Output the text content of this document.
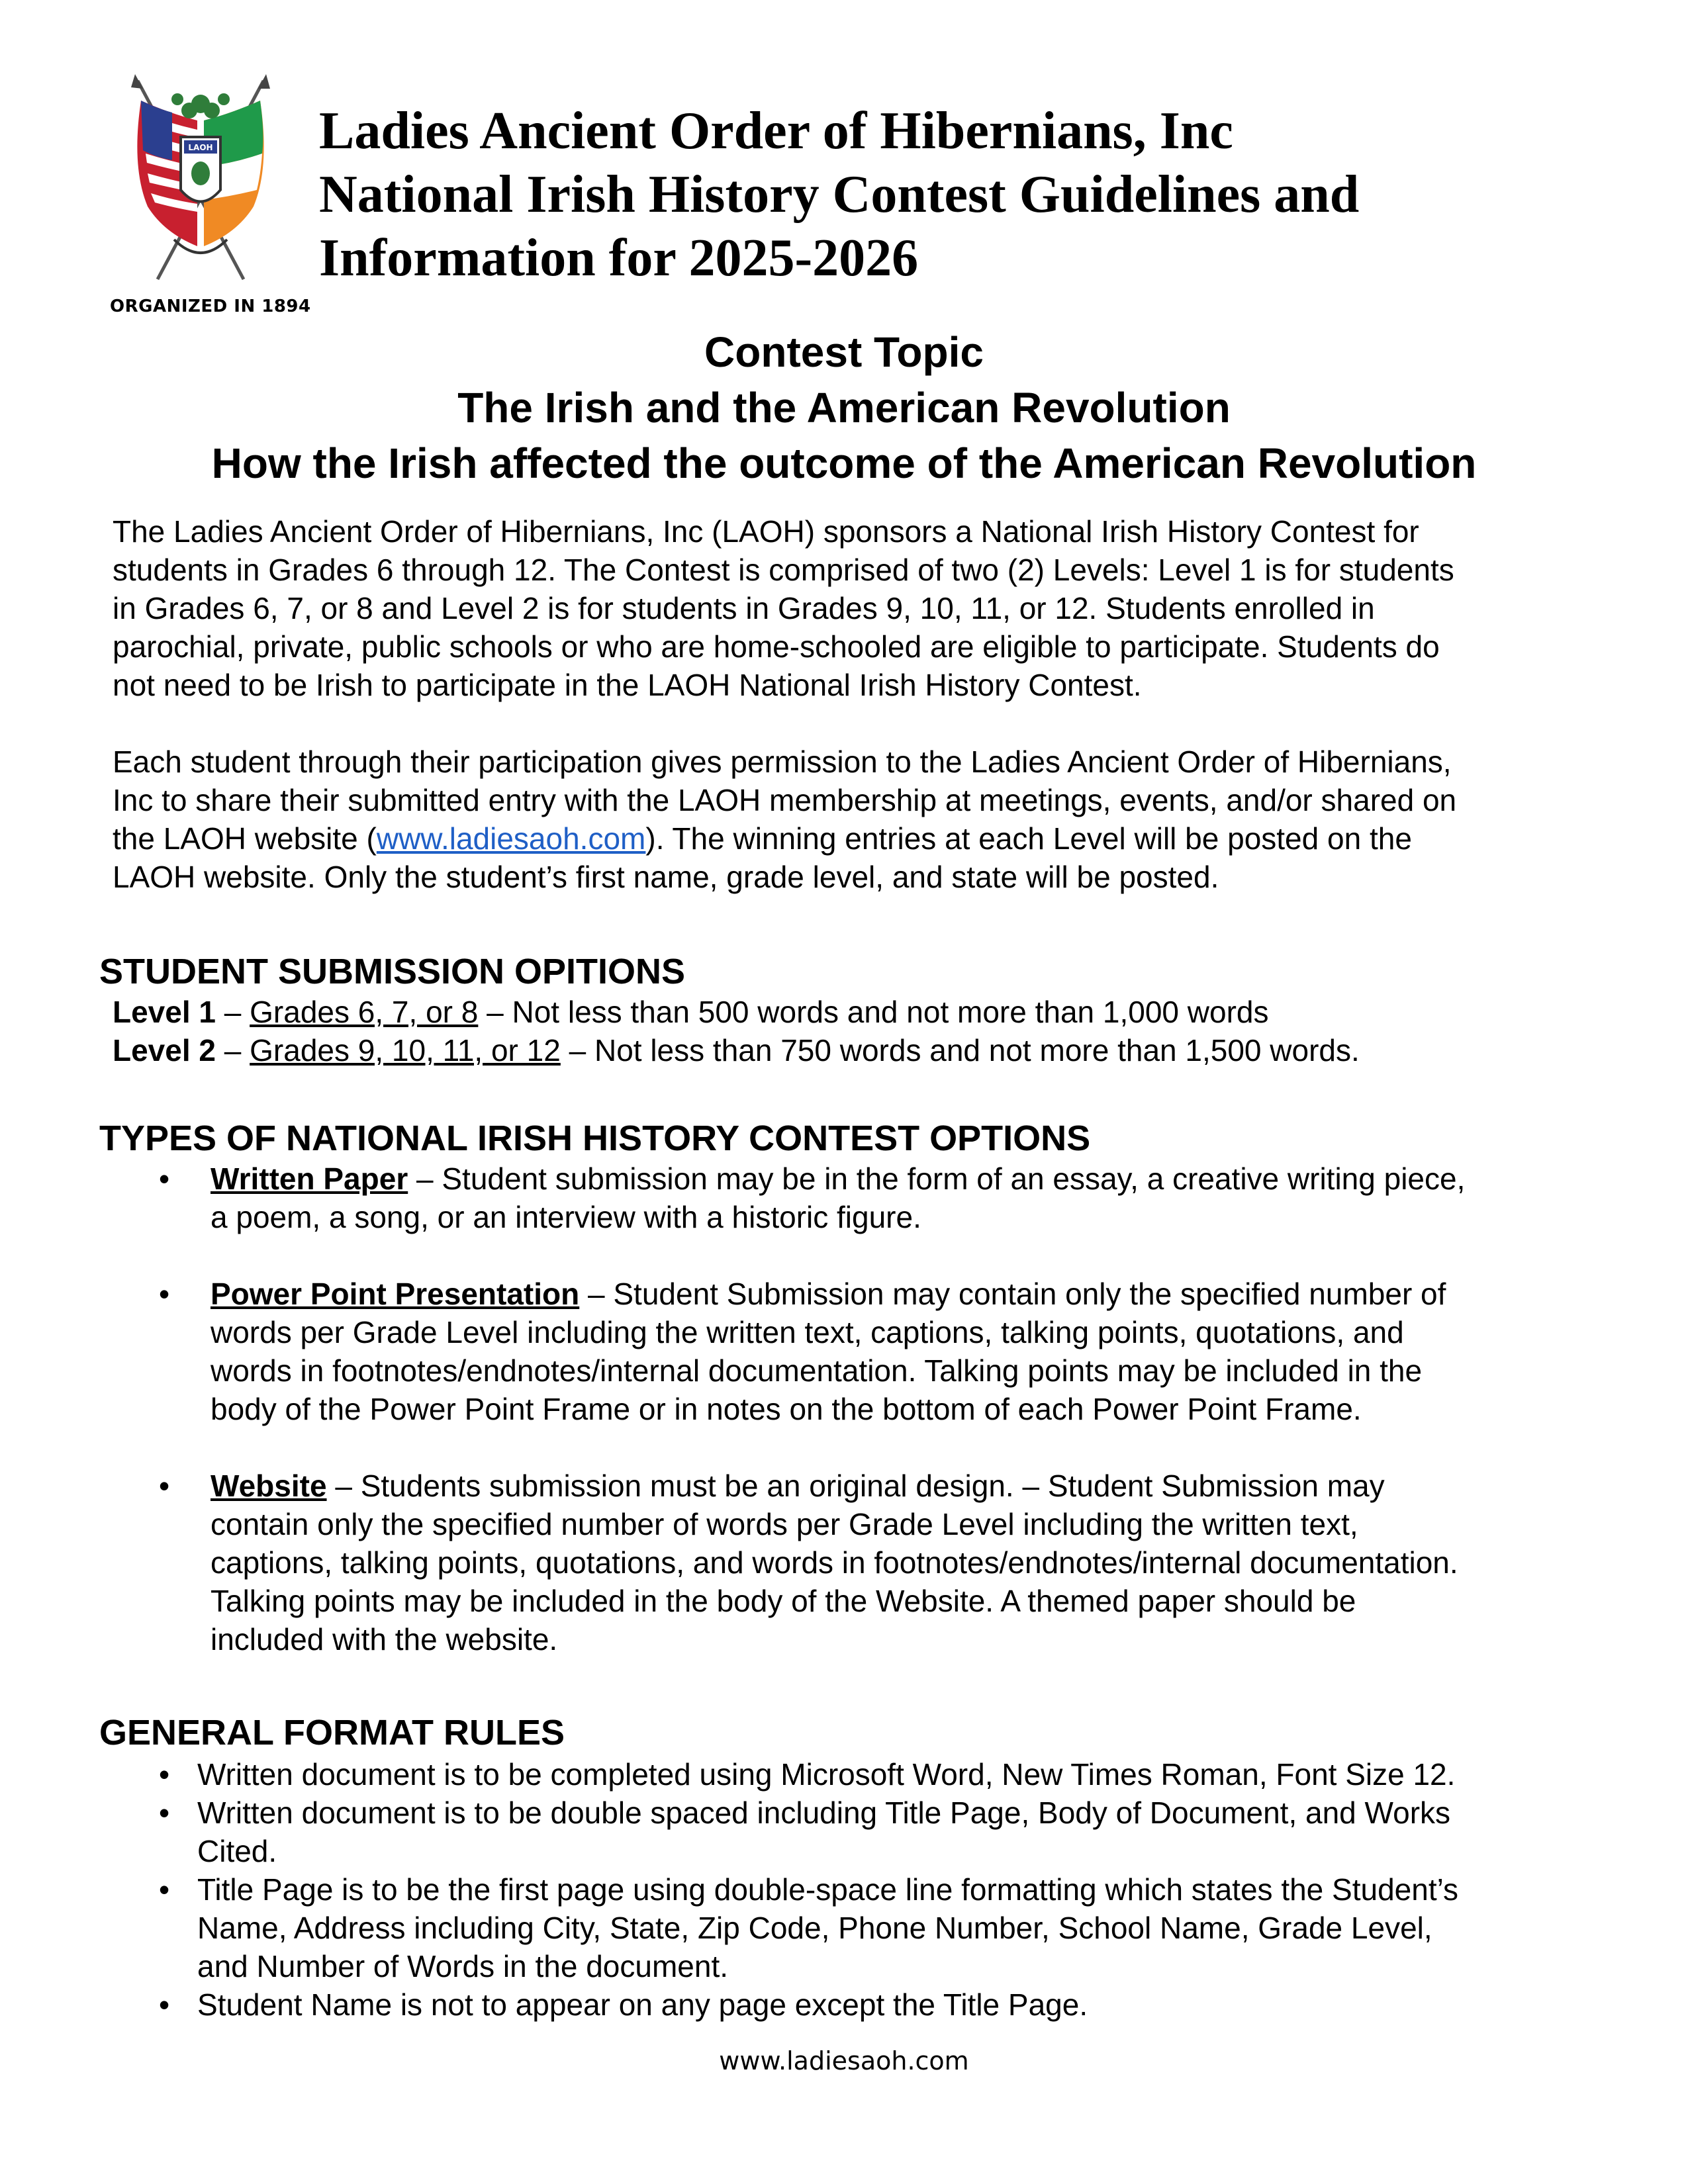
LAOH
ORGANIZED IN 1894
Ladies Ancient Order of Hibernians, Inc
National Irish History Contest Guidelines and
Information for 2025-2026
Contest Topic
The Irish and the American Revolution
How the Irish affected the outcome of the American Revolution
The Ladies Ancient Order of Hibernians, Inc (LAOH) sponsors a National Irish History Contest for
students in Grades 6 through 12. The Contest is comprised of two (2) Levels: Level 1 is for students
in Grades 6, 7, or 8 and Level 2 is for students in Grades 9, 10, 11, or 12. Students enrolled in
parochial, private, public schools or who are home-schooled are eligible to participate. Students do
not need to be Irish to participate in the LAOH National Irish History Contest.
Each student through their participation gives permission to the Ladies Ancient Order of Hibernians,
Inc to share their submitted entry with the LAOH membership at meetings, events, and/or shared on
the LAOH website (www.ladiesaoh.com). The winning entries at each Level will be posted on the
LAOH website. Only the student’s first name, grade level, and state will be posted.
STUDENT SUBMISSION OPITIONS
Level 1 – Grades 6, 7, or 8 – Not less than 500 words and not more than 1,000 words
Level 2 – Grades 9, 10, 11, or 12 – Not less than 750 words and not more than 1,500 words.
TYPES OF NATIONAL IRISH HISTORY CONTEST OPTIONS
• Written Paper – Student submission may be in the form of an essay, a creative writing piece,
a poem, a song, or an interview with a historic figure.
• Power Point Presentation – Student Submission may contain only the specified number of
words per Grade Level including the written text, captions, talking points, quotations, and
words in footnotes/endnotes/internal documentation. Talking points may be included in the
body of the Power Point Frame or in notes on the bottom of each Power Point Frame.
• Website – Students submission must be an original design. – Student Submission may
contain only the specified number of words per Grade Level including the written text,
captions, talking points, quotations, and words in footnotes/endnotes/internal documentation.
Talking points may be included in the body of the Website. A themed paper should be
included with the website.
GENERAL FORMAT RULES
• Written document is to be completed using Microsoft Word, New Times Roman, Font Size 12.
• Written document is to be double spaced including Title Page, Body of Document, and Works
Cited.
• Title Page is to be the first page using double-space line formatting which states the Student’s
Name, Address including City, State, Zip Code, Phone Number, School Name, Grade Level,
and Number of Words in the document.
• Student Name is not to appear on any page except the Title Page.
www.ladiesaoh.com
